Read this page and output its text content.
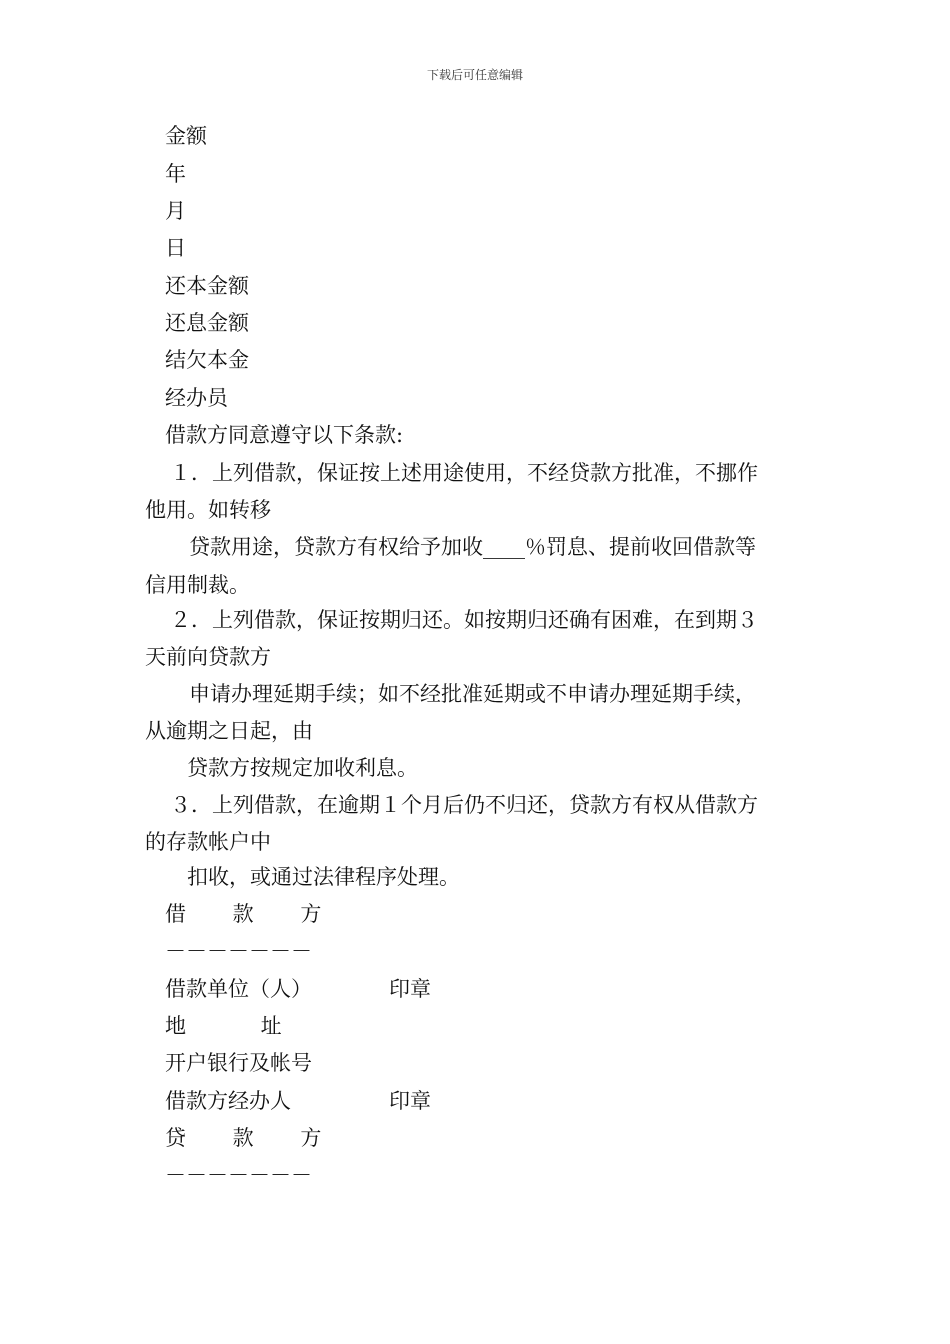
下载后可任意编辑
金额
年
月
日
还本金额
还息金额
结欠本金
经办员
借款方同意遵守以下条款:
１．上列借款，保证按上述用途使用，不经贷款方批准，不挪作
他用。如转移
贷款用途，贷款方有权给予加收____％罚息、提前收回借款等
信用制裁。
２．上列借款，保证按期归还。如按期归还确有困难，在到期３
天前向贷款方
申请办理延期手续；如不经批准延期或不申请办理延期手续，
从逾期之日起，由
贷款方按规定加收利息。
３．上列借款，在逾期１个月后仍不归还，贷款方有权从借款方
的存款帐户中
扣收，或通过法律程序处理。
借 款 方
－－－－－－－
借款单位（人）	印章
地 址
开户银行及帐号
借款方经办人	印章
贷 款 方
－－－－－－－
